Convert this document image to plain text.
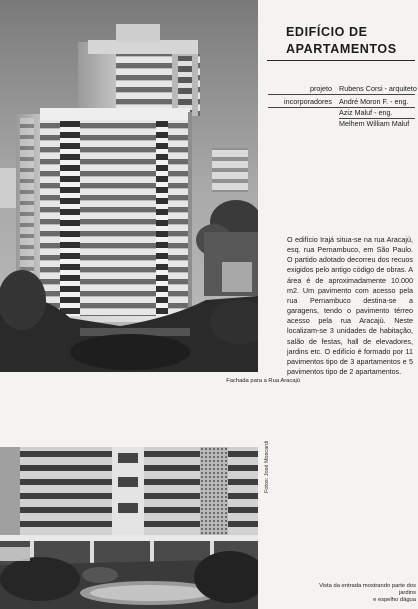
EDIFÍCIO DE
APARTAMENTOS
projeto Rubens Corsi - arquiteto
incorporadores André Moron F. - eng.
Aziz Maluf - eng.
Melhem William Maluf
O edifício Irajá situa-se na rua Aracajú, esq. rua Pernambuco, em São Paulo. O partido adotado decorreu dos recuos exigidos pelo antigo código de obras. A área é de aproximadamente 10.000 m2. Um pavimento com acesso pela rua Pernambuco destina-se a garagens, tendo o pavimento térreo acesso pela rua Aracajú. Neste localizam-se 3 unidades de habitação, salão de festas, hall de elevadores, jardins etc. O edifício é formado por 11 pavimentos tipo de 3 apartamentos e 5 pavimentos tipo de 2 apartamentos.
Fachada para a Rua Aracajú
Fotos: José Moscardi
Vista da entrada mostrando parte dos jardins
e espelho dágua
